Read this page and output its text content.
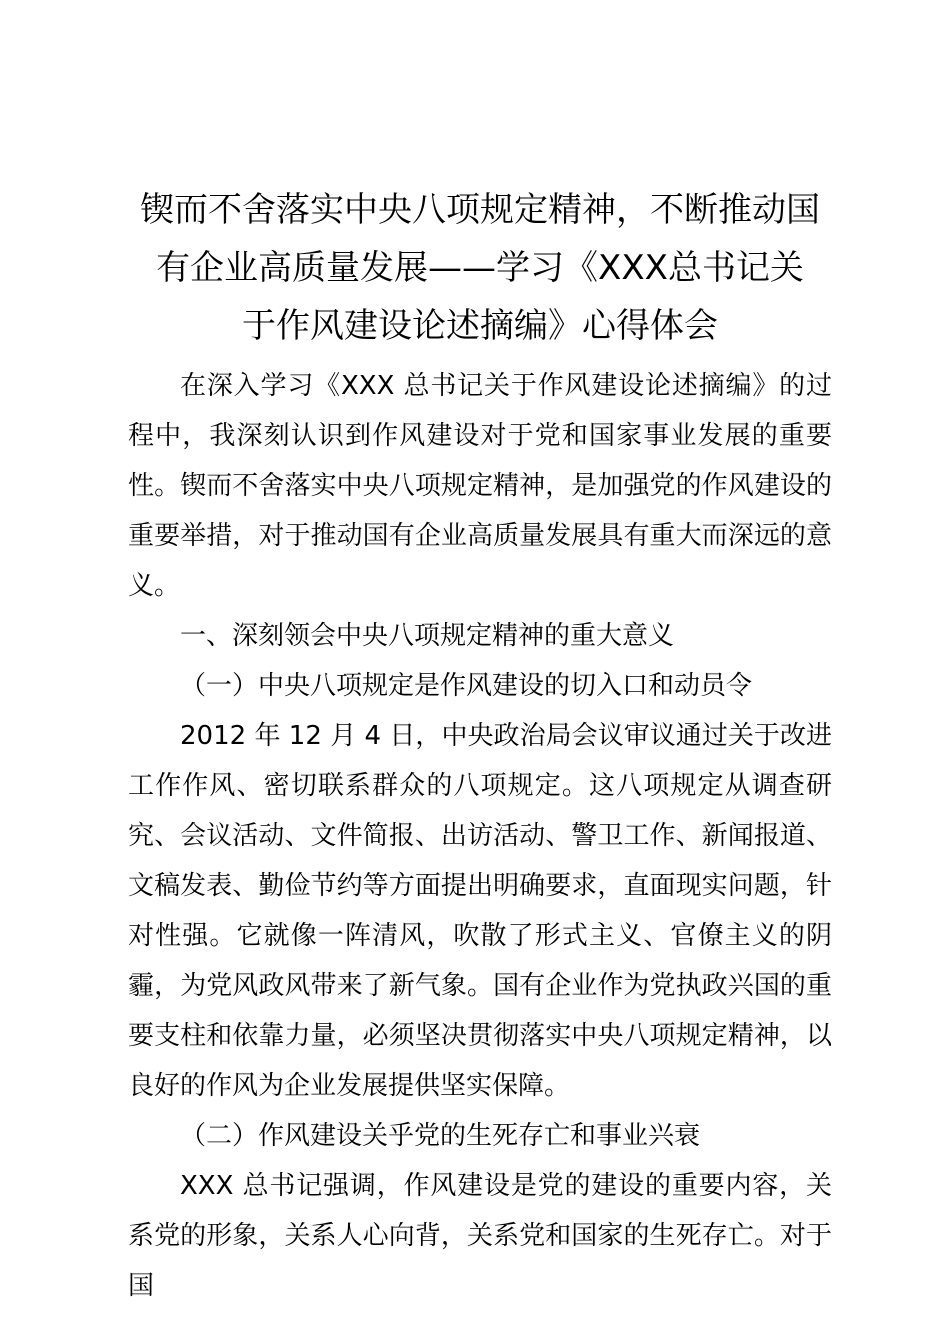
锲而不舍落实中央八项规定精神，不断推动国
有企业高质量发展——学习《XXX总书记关
于作风建设论述摘编》心得体会

在深入学习《XXX 总书记关于作风建设论述摘编》的过程中，我深刻认识到作风建设对于党和国家事业发展的重要性。锲而不舍落实中央八项规定精神，是加强党的作风建设的重要举措，对于推动国有企业高质量发展具有重大而深远的意义。

一、深刻领会中央八项规定精神的重大意义

（一）中央八项规定是作风建设的切入口和动员令

2012 年 12 月 4 日，中央政治局会议审议通过关于改进工作作风、密切联系群众的八项规定。这八项规定从调查研究、会议活动、文件简报、出访活动、警卫工作、新闻报道、文稿发表、勤俭节约等方面提出明确要求，直面现实问题，针对性强。它就像一阵清风，吹散了形式主义、官僚主义的阴霾，为党风政风带来了新气象。国有企业作为党执政兴国的重要支柱和依靠力量，必须坚决贯彻落实中央八项规定精神，以良好的作风为企业发展提供坚实保障。

（二）作风建设关乎党的生死存亡和事业兴衰

XXX 总书记强调，作风建设是党的建设的重要内容，关系党的形象，关系人心向背，关系党和国家的生死存亡。对于国
